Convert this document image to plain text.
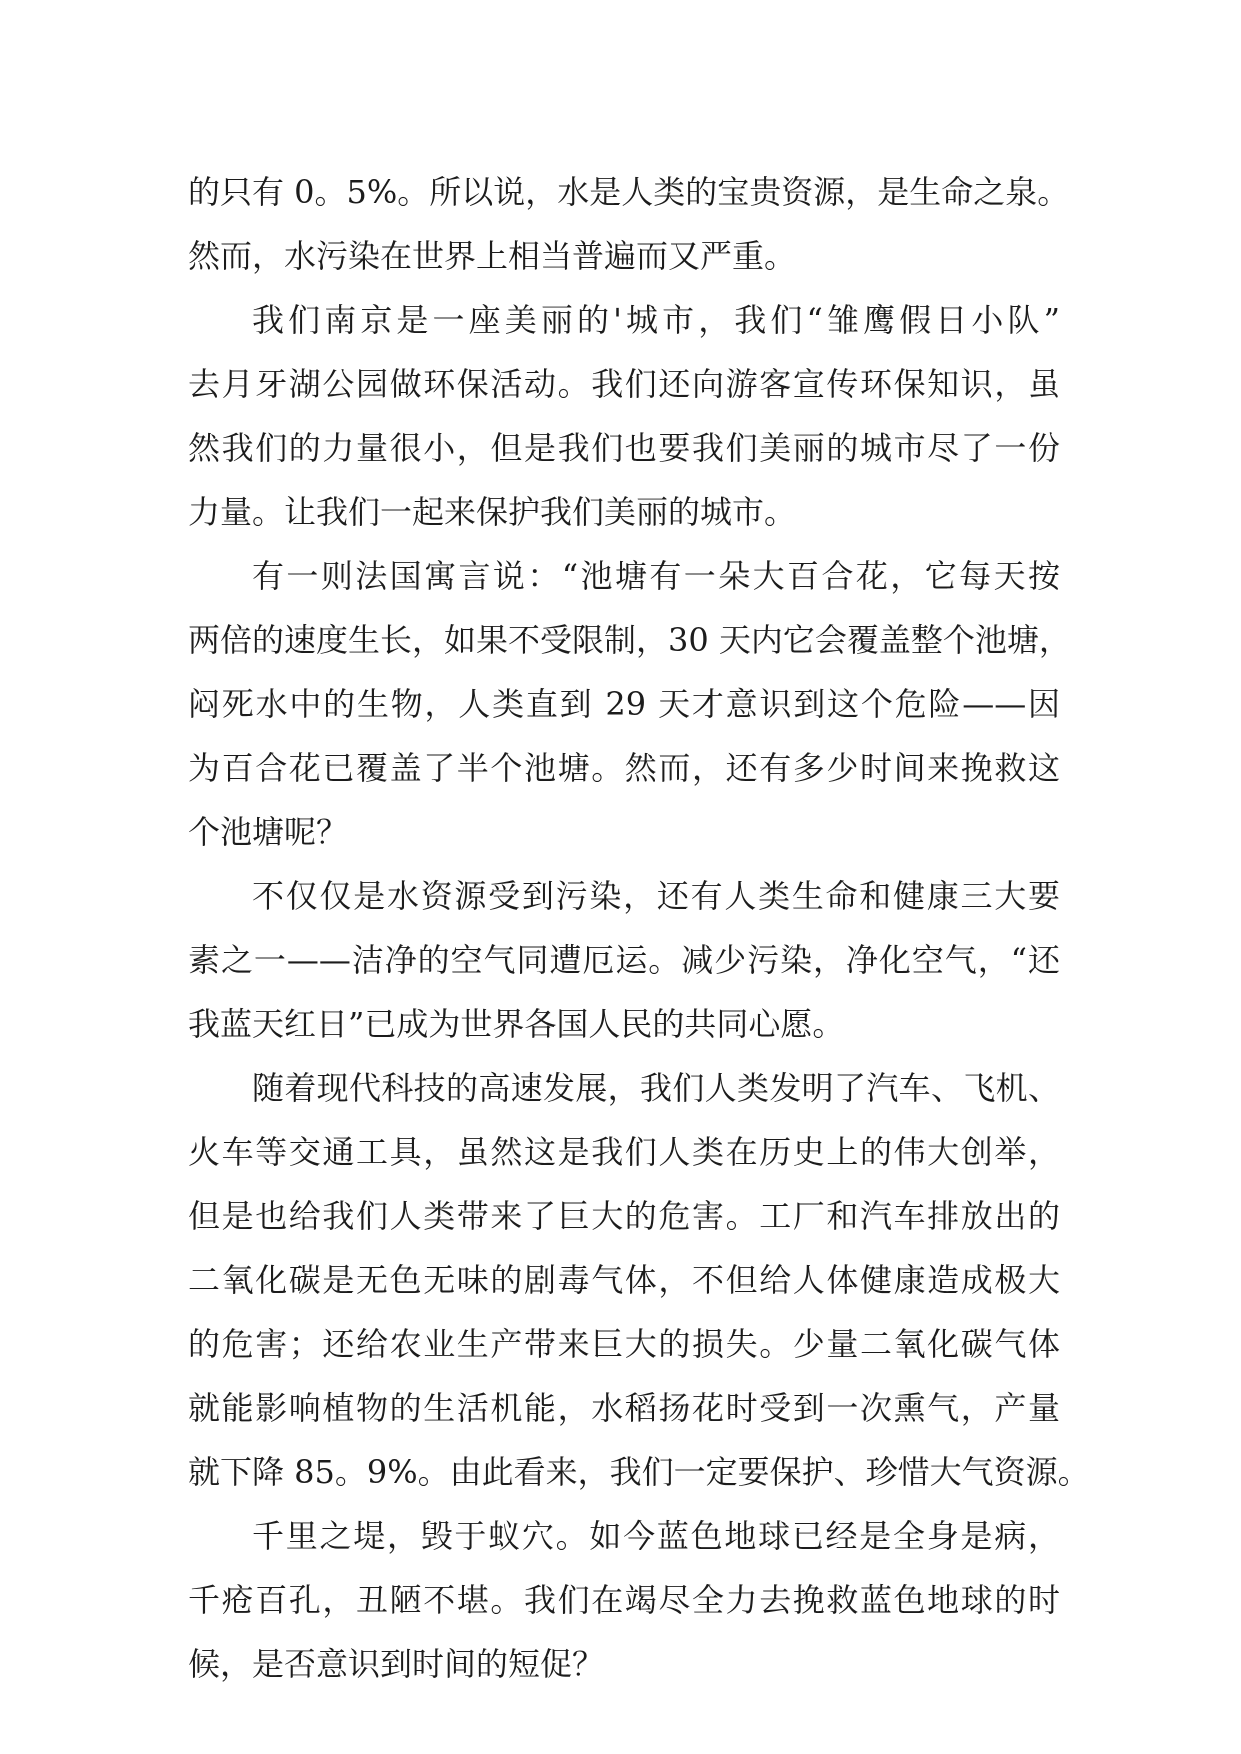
的只有 0。5%。所以说，水是人类的宝贵资源，是生命之泉。
然而，水污染在世界上相当普遍而又严重。
我们南京是一座美丽的'城市，我们“雏鹰假日小队”
去月牙湖公园做环保活动。我们还向游客宣传环保知识，虽
然我们的力量很小，但是我们也要我们美丽的城市尽了一份
力量。让我们一起来保护我们美丽的城市。
有一则法国寓言说：“池塘有一朵大百合花，它每天按
两倍的速度生长，如果不受限制，30 天内它会覆盖整个池塘，
闷死水中的生物，人类直到 29 天才意识到这个危险——因
为百合花已覆盖了半个池塘。然而，还有多少时间来挽救这
个池塘呢？
不仅仅是水资源受到污染，还有人类生命和健康三大要
素之一——洁净的空气同遭厄运。减少污染，净化空气，“还
我蓝天红日”已成为世界各国人民的共同心愿。
随着现代科技的高速发展，我们人类发明了汽车、飞机、
火车等交通工具，虽然这是我们人类在历史上的伟大创举，
但是也给我们人类带来了巨大的危害。工厂和汽车排放出的
二氧化碳是无色无味的剧毒气体，不但给人体健康造成极大
的危害；还给农业生产带来巨大的损失。少量二氧化碳气体
就能影响植物的生活机能，水稻扬花时受到一次熏气，产量
就下降 85。9%。由此看来，我们一定要保护、珍惜大气资源。
千里之堤，毁于蚁穴。如今蓝色地球已经是全身是病，
千疮百孔，丑陋不堪。我们在竭尽全力去挽救蓝色地球的时
候，是否意识到时间的短促？
